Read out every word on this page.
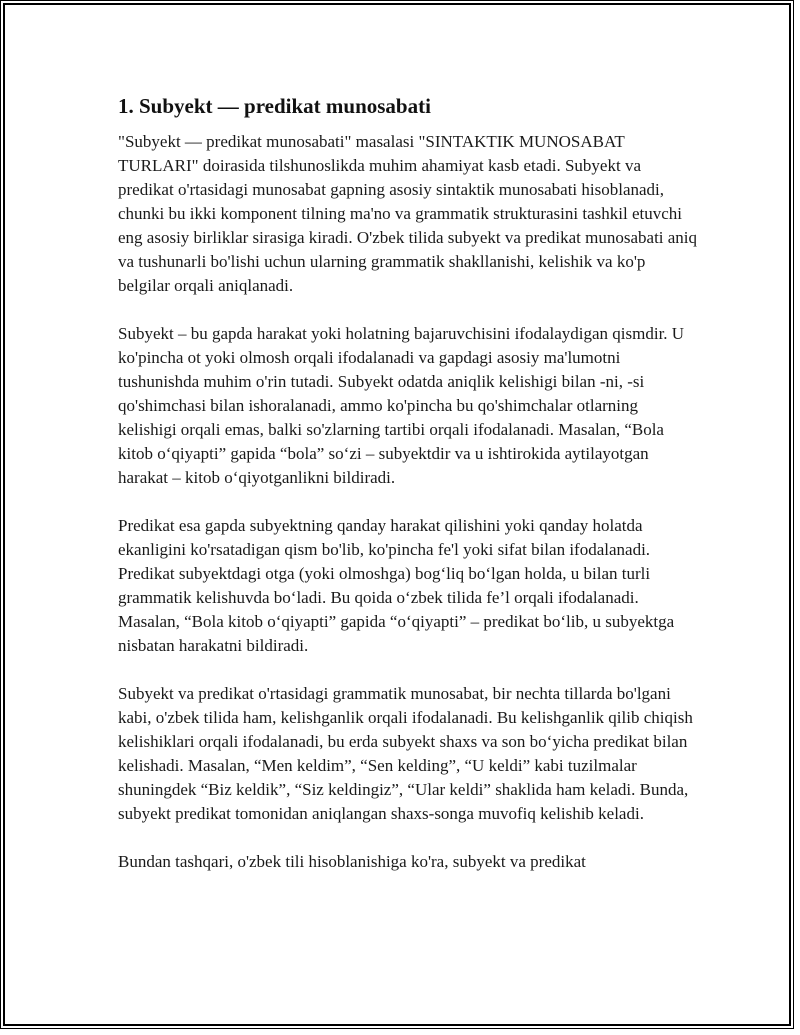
1. Subyekt — predikat munosabati

"Subyekt — predikat munosabati" masalasi "SINTAKTIK MUNOSABAT TURLARI" doirasida tilshunoslikda muhim ahamiyat kasb etadi. Subyekt va predikat o'rtasidagi munosabat gapning asosiy sintaktik munosabati hisoblanadi, chunki bu ikki komponent tilning ma'no va grammatik strukturasini tashkil etuvchi eng asosiy birliklar sirasiga kiradi. O'zbek tilida subyekt va predikat munosabati aniq va tushunarli bo'lishi uchun ularning grammatik shakllanishi, kelishik va ko'p belgilar orqali aniqlanadi.

Subyekt – bu gapda harakat yoki holatning bajaruvchisini ifodalaydigan qismdir. U ko'pincha ot yoki olmosh orqali ifodalanadi va gapdagi asosiy ma'lumotni tushunishda muhim o'rin tutadi. Subyekt odatda aniqlik kelishigi bilan -ni, -si qo'shimchasi bilan ishoralanadi, ammo ko'pincha bu qo'shimchalar otlarning kelishigi orqali emas, balki so'zlarning tartibi orqali ifodalanadi. Masalan, “Bola kitob o‘qiyapti” gapida “bola” so‘zi – subyektdir va u ishtirokida aytilayotgan harakat – kitob o‘qiyotganlikni bildiradi.

Predikat esa gapda subyektning qanday harakat qilishini yoki qanday holatda ekanligini ko'rsatadigan qism bo'lib, ko'pincha fe'l yoki sifat bilan ifodalanadi. Predikat subyektdagi otga (yoki olmoshga) bog‘liq bo‘lgan holda, u bilan turli grammatik kelishuvda bo‘ladi. Bu qoida o‘zbek tilida fe’l orqali ifodalanadi. Masalan, “Bola kitob o‘qiyapti” gapida “o‘qiyapti” – predikat bo‘lib, u subyektga nisbatan harakatni bildiradi.

Subyekt va predikat o'rtasidagi grammatik munosabat, bir nechta tillarda bo'lgani kabi, o'zbek tilida ham, kelishganlik orqali ifodalanadi. Bu kelishganlik qilib chiqish kelishiklari orqali ifodalanadi, bu erda subyekt shaxs va son bo‘yicha predikat bilan kelishadi. Masalan, “Men keldim”, “Sen kelding”, “U keldi” kabi tuzilmalar shuningdek “Biz keldik”, “Siz keldingiz”, “Ular keldi” shaklida ham keladi. Bunda, subyekt predikat tomonidan aniqlangan shaxs-songa muvofiq kelishib keladi.

Bundan tashqari, o'zbek tili hisoblanishiga ko'ra, subyekt va predikat
